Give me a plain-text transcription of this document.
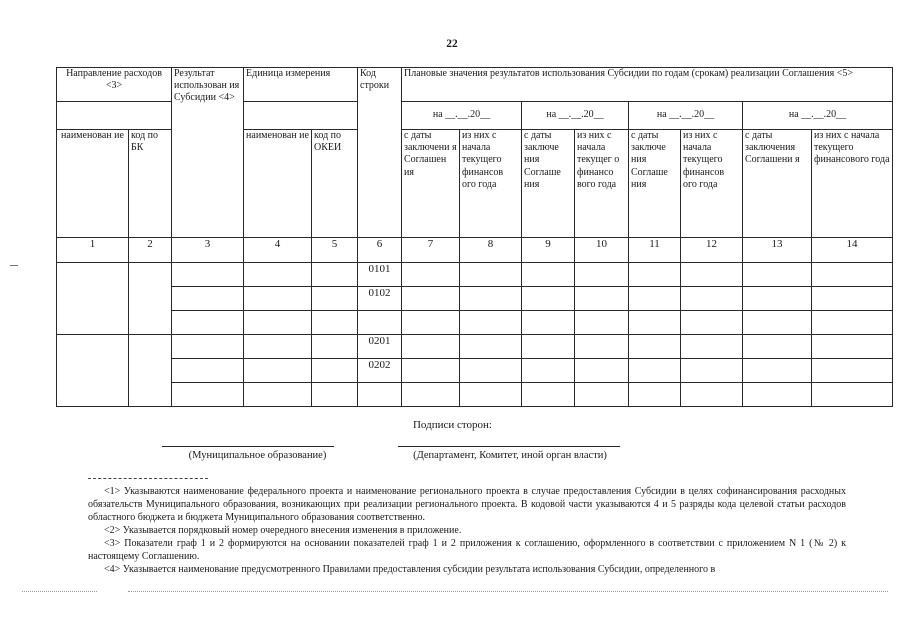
22
Направление расходов <3>		Результат использован ия Субсидии <4>	Единица измерения		Код строки	Плановые значения результатов использования Субсидии по годам (срокам) реализации Соглашения <5>							
						на __.__.20__		на __.__.20__		на __.__.20__		на __.__.20__	
наименован ие	код по БК		наименован ие	код по ОКЕИ		с даты заключени я Соглашен ия	из них с начала текущего финансов ого года	с даты заключе ния Соглаше ния	из них с начала текущег о финансо вого года	с даты заключе ния Соглаше ния	из них с начала текущего финансов ого года	с даты заключения Соглашени я	из них с начала текущего финансового года
1	2	3	4	5	6	7	8	9	10	11	12	13	14
					0101								
					0102								

					0201								
					0202								

Подписи сторон:
(Муниципальное образование)	(Департамент, Комитет, иной орган власти)

<1> Указываются наименование федерального проекта и наименование регионального проекта в случае предоставления Субсидии в целях софинансирования расходных обязательств Муниципального образования, возникающих при реализации регионального проекта. В кодовой части указываются 4 и 5 разряды кода целевой статьи расходов областного бюджета и бюджета Муниципального образования соответственно.

<2> Указывается порядковый номер очередного внесения изменения в приложение.

<3> Показатели граф 1 и 2 формируются на основании показателей граф 1 и 2 приложения к соглашению, оформленного в соответствии с приложением N 1 (№ 2) к настоящему Соглашению.

<4> Указывается наименование предусмотренного Правилами предоставления субсидии результата использования Субсидии, определенного в
